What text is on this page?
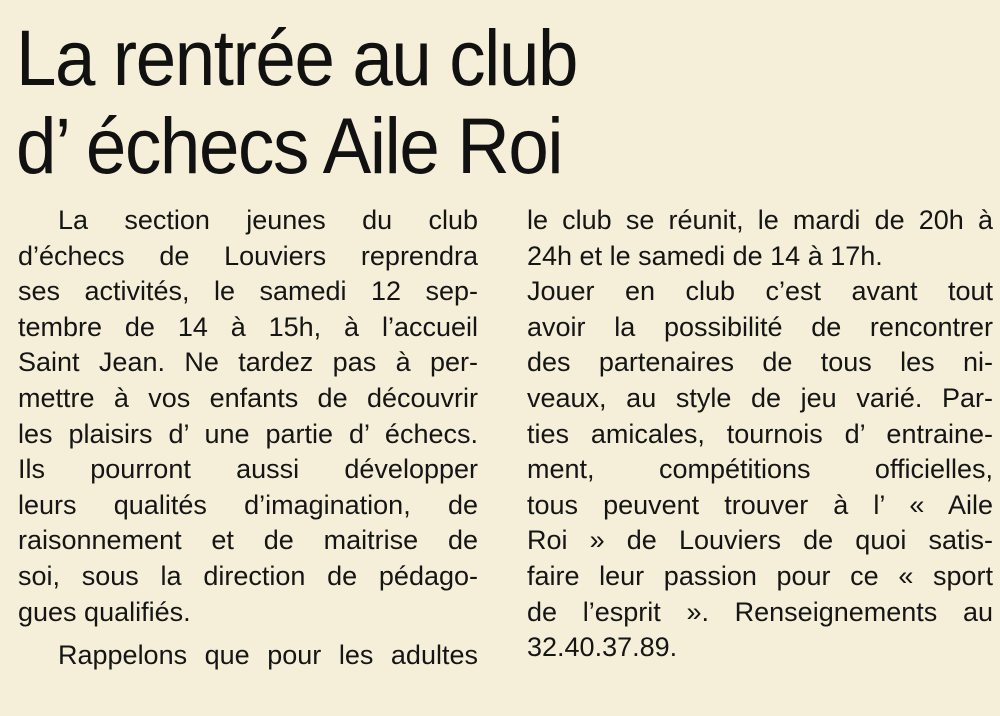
La rentrée au club
d’ échecs Aile Roi
La section jeunes du club
d’échecs de Louviers reprendra
ses activités, le samedi 12 sep-
tembre de 14 à 15h, à l’accueil
Saint Jean. Ne tardez pas à per-
mettre à vos enfants de découvrir
les plaisirs d’ une partie d’ échecs.
Ils pourront aussi développer
leurs qualités d’imagination, de
raisonnement et de maitrise de
soi, sous la direction de pédago-
gues qualifiés.
Rappelons que pour les adultes
le club se réunit, le mardi de 20h à
24h et le samedi de 14 à 17h.
Jouer en club c’est avant tout
avoir la possibilité de rencontrer
des partenaires de tous les ni-
veaux, au style de jeu varié. Par-
ties amicales, tournois d’ entraine-
ment, compétitions officielles,
tous peuvent trouver à l’ « Aile
Roi » de Louviers de quoi satis-
faire leur passion pour ce « sport
de l’esprit ». Renseignements au
32.40.37.89.
